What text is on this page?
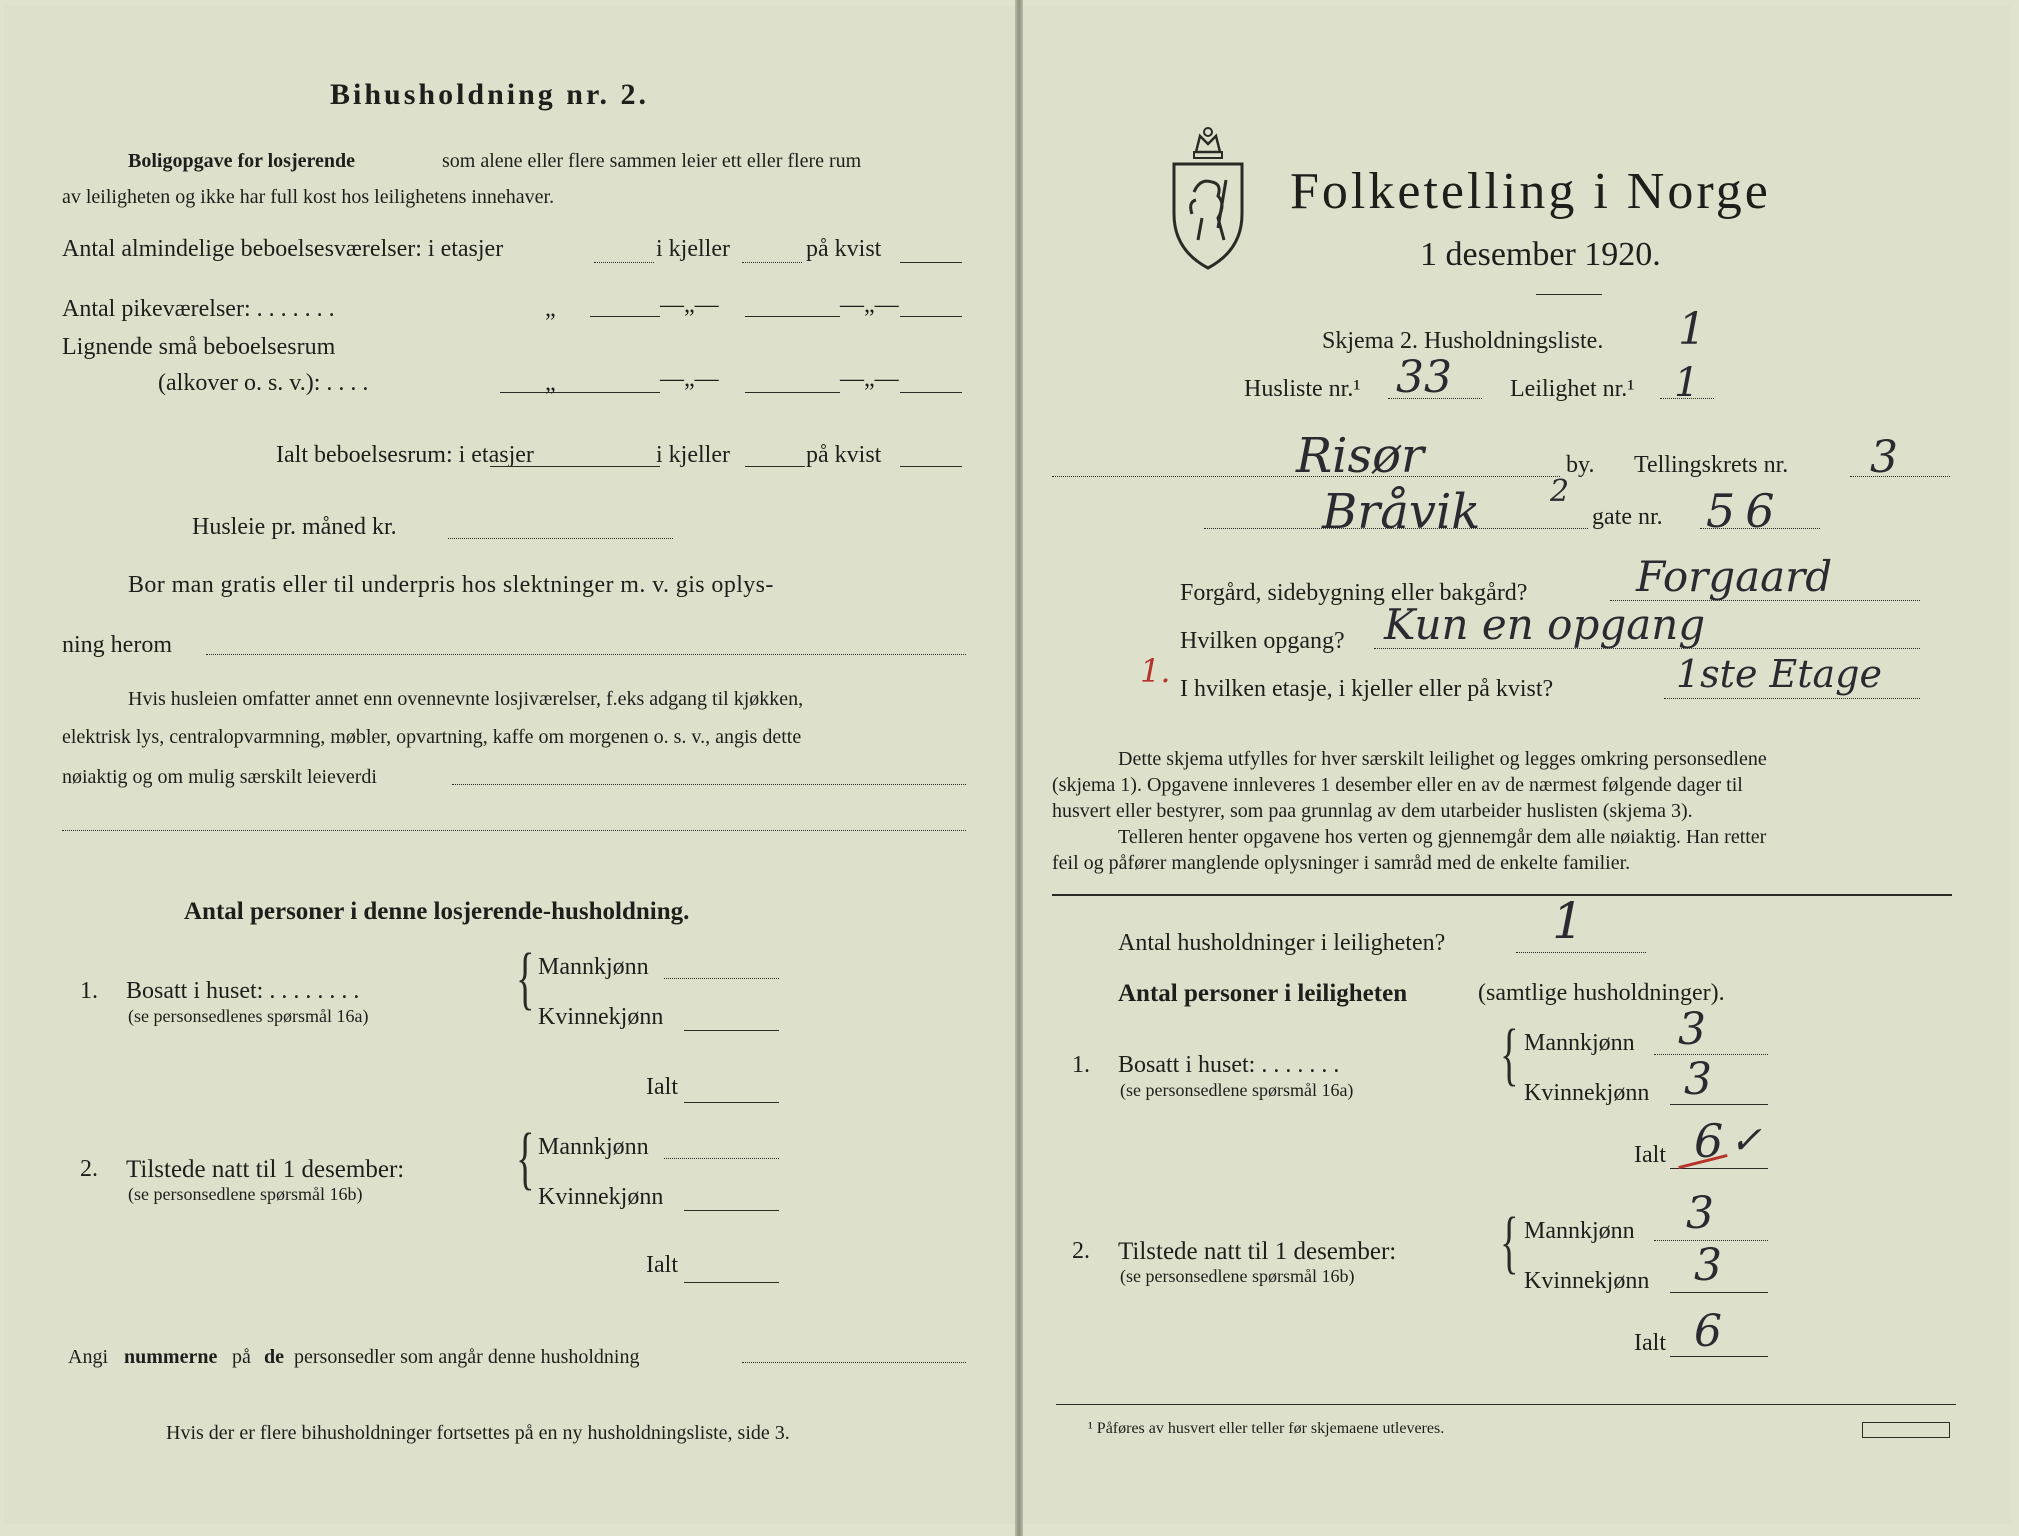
Bihusholdning nr. 2.
Boligopgave for losjerende	som alene eller flere sammen leier ett eller flere rum
av leiligheten og ikke har full kost hos leilighetens innehaver.
Antal almindelige beboelsesværelser: i etasjer	i kjeller	på kvist
Antal pikeværelser: . . . . . . .	„	—„—	—„—
Lignende små beboelsesrum
(alkover o. s. v.): . . . .	„	—„—	—„—
Ialt beboelsesrum: i etasjer	i kjeller	på kvist
Husleie pr. måned kr.
Bor man gratis eller til underpris hos slektninger m. v. gis oplys-
ning herom
Hvis husleien omfatter annet enn ovennevnte losjiværelser, f.eks adgang til kjøkken,
elektrisk lys, centralopvarmning, møbler, opvartning, kaffe om morgenen o. s. v., angis dette
nøiaktig og om mulig særskilt leieverdi
Antal personer i denne losjerende-husholdning.
1. Bosatt i huset: . . . . . . . .
(se personsedlenes spørsmål 16a) { Mannkjønn
Kvinnekjønn
Ialt
2. Tilstede natt til 1 desember:
(se personsedlene spørsmål 16b) { Mannkjønn
Kvinnekjønn
Ialt
Angi nummerne på de personsedler som angår denne husholdning
Hvis der er flere bihusholdninger fortsettes på en ny husholdningsliste, side 3.
Folketelling i Norge
1 desember 1920.
Skjema 2. Husholdningsliste. 1
Husliste nr.¹ 33 Leilighet nr.¹ 1
Risør	by. Tellingskrets nr. 3
Bråvik 2
gate nr. 56
Forgård, sidebygning eller bakgård?	Forgaard
Hvilken opgang? Kun en opgang
1. I hvilken etasje, i kjeller eller på kvist?	1ste Etage
Dette skjema utfylles for hver særskilt leilighet og legges omkring personsedlene
(skjema 1). Opgavene innleveres 1 desember eller en av de nærmest følgende dager til
husvert eller bestyrer, som paa grunnlag av dem utarbeider huslisten (skjema 3).
Telleren henter opgavene hos verten og gjennemgår dem alle nøiaktig. Han retter
feil og påfører manglende oplysninger i samråd med de enkelte familier.
Antal husholdninger i leiligheten? 1
Antal personer i leiligheten	(samtlige husholdninger).
1. Bosatt i huset: . . . . . . .
(se personsedlene spørsmål 16a) { Mannkjønn 3
Kvinnekjønn 3
Ialt 6 ✓
2. Tilstede natt til 1 desember:
(se personsedlene spørsmål 16b) { Mannkjønn 3
Kvinnekjønn 3
Ialt 6
¹ Påføres av husvert eller teller før skjemaene utleveres.
